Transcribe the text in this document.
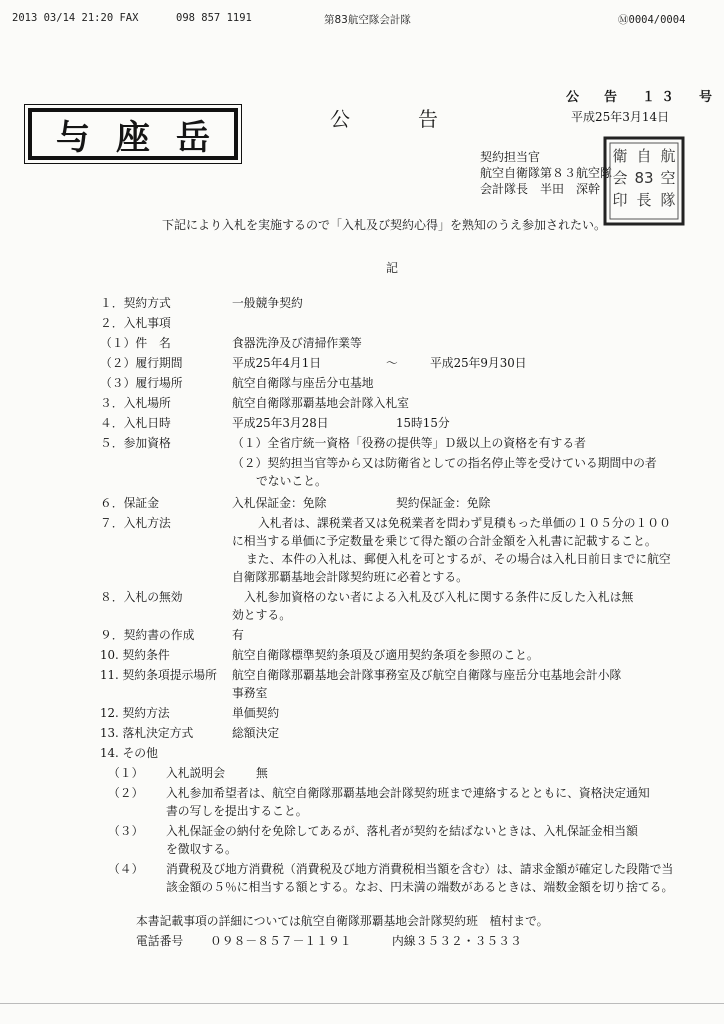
2013 03/14 21:20 FAX	098 857 1191	第83航空隊会計隊	Ⓜ0004/0004
与座岳	公告
公　告　１３　号
平成25年3月14日
契約担当官
航空自衛隊第８３航空隊
会計隊長　半田　深幹
航
空
隊
自
83
長
衛
会
印
下記により入札を実施するので「入札及び契約心得」を熟知のうえ参加されたい。
記
１．契約方式	一般競争契約
２．入札事項
（１）件　名	食器洗浄及び清掃作業等
（２）履行期間	平成25年4月1日	～	平成25年9月30日
（３）履行場所	航空自衛隊与座岳分屯基地
３．入札場所	航空自衛隊那覇基地会計隊入札室
４．入札日時	平成25年3月28日	15時15分
５．参加資格	（１）全省庁統一資格「役務の提供等」Ｄ級以上の資格を有する者
（２）契約担当官等から又は防衛省としての指名停止等を受けている期間中の者
でないこと。
６．保証金	入札保証金：免除	契約保証金：免除
７．入札方法	入札者は、課税業者又は免税業者を問わず見積もった単価の１０５分の１００
に相当する単価に予定数量を乗じて得た額の合計金額を入札書に記載すること。
また、本件の入札は、郵便入札を可とするが、その場合は入札日前日までに航空
自衛隊那覇基地会計隊契約班に必着とする。
８．入札の無効	入札参加資格のない者による入札及び入札に関する条件に反した入札は無
効とする。
９．契約書の作成	有
10. 契約条件	航空自衛隊標準契約条項及び適用契約条項を参照のこと。
11. 契約条項提示場所 航空自衛隊那覇基地会計隊事務室及び航空自衛隊与座岳分屯基地会計小隊
事務室
12. 契約方法	単価契約
13. 落札決定方式	総額決定
14. その他
（１） 入札説明会	無
（２） 入札参加希望者は、航空自衛隊那覇基地会計隊契約班まで連絡するとともに、資格決定通知
書の写しを提出すること。
（３） 入札保証金の納付を免除してあるが、落札者が契約を結ばないときは、入札保証金相当額
を徴収する。
（４） 消費税及び地方消費税（消費税及び地方消費税相当額を含む）は、請求金額が確定した段階で当
該金額の５％に相当する額とする。なお、円未満の端数があるときは、端数金額を切り捨てる。
本書記載事項の詳細については航空自衛隊那覇基地会計隊契約班　植村まで。
電話番号 ０９８－８５７－１１９１	内線３５３２・３５３３
